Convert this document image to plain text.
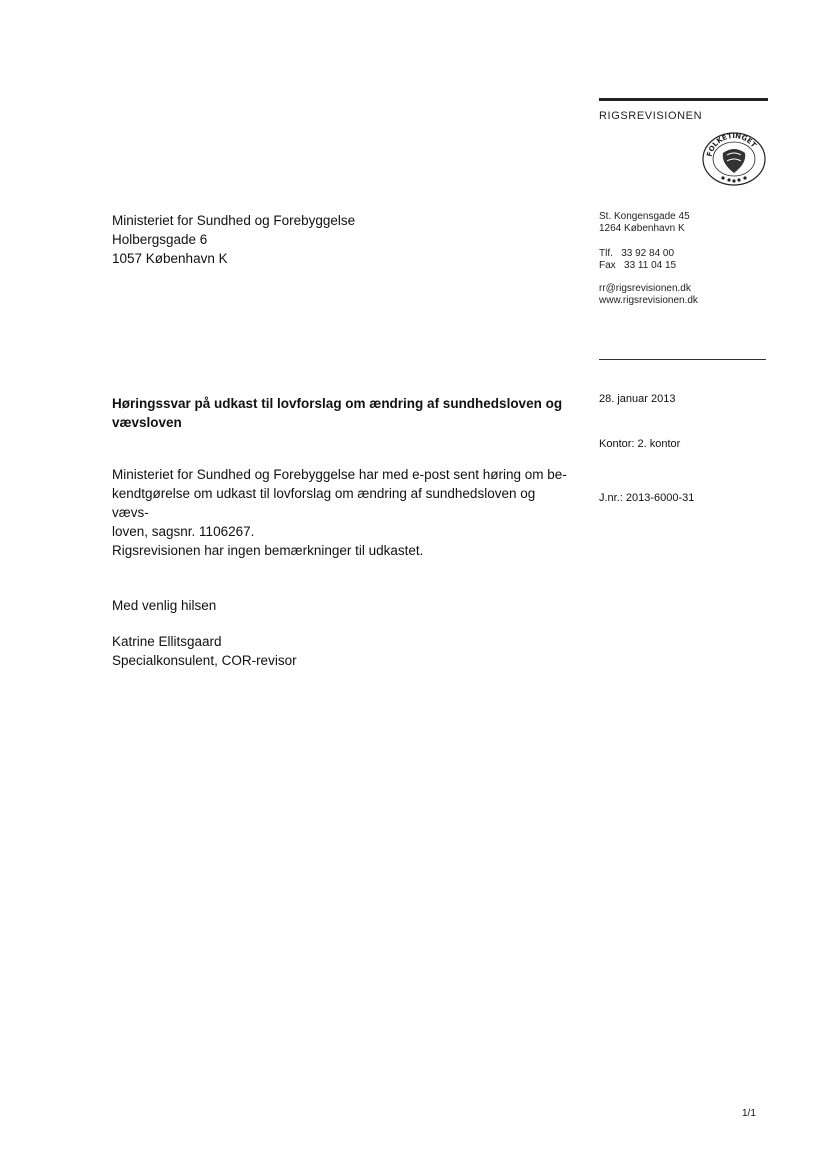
RIGSREVISIONEN
FOLKETINGET
Ministeriet for Sundhed og Forebyggelse
Holbergsgade 6
1057 København K
St. Kongensgade 45
1264 København K
Tlf.   33 92 84 00
Fax   33 11 04 15
rr@rigsrevisionen.dk
www.rigsrevisionen.dk
Høringssvar på udkast til lovforslag om ændring af sundhedsloven og
vævsloven
28. januar 2013
Kontor: 2. kontor
J.nr.: 2013-6000-31
Ministeriet for Sundhed og Forebyggelse har med e-post sent høring om be-
kendtgørelse om udkast til lovforslag om ændring af sundhedsloven og vævs-
loven, sagsnr. 1106267.
Rigsrevisionen har ingen bemærkninger til udkastet.
Med venlig hilsen
Katrine Ellitsgaard
Specialkonsulent, COR-revisor
1/1
